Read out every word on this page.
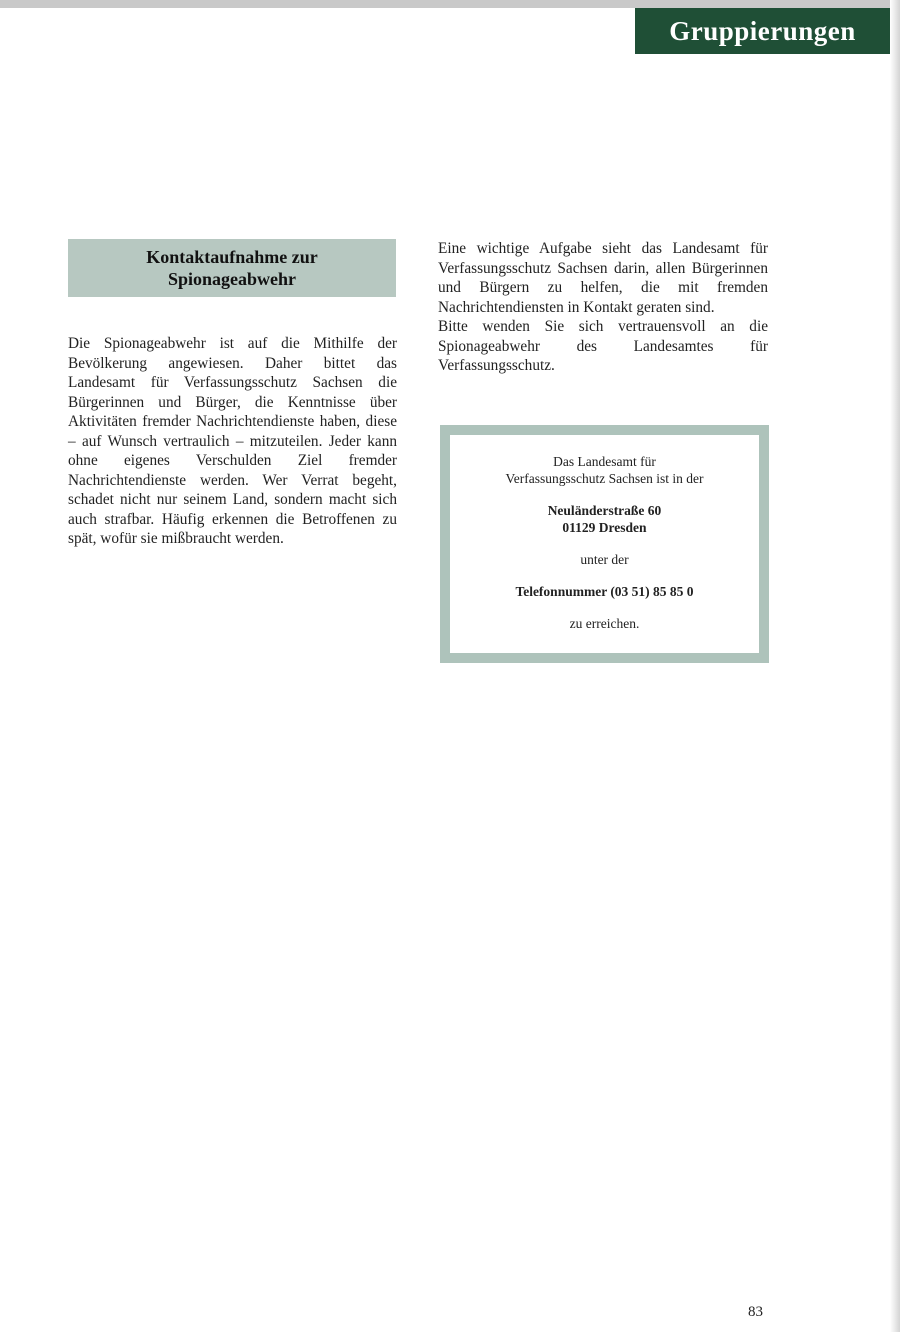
Gruppierungen
Kontaktaufnahme zur
Spionageabwehr

Die Spionageabwehr ist auf die Mithilfe der Bevölkerung angewiesen. Daher bittet das Landesamt für Verfassungsschutz Sachsen die Bürgerinnen und Bürger, die Kenntnisse über Aktivitäten fremder Nachrichtendienste haben, diese – auf Wunsch vertraulich – mitzuteilen. Jeder kann ohne eigenes Verschulden Ziel fremder Nachrichtendienste werden. Wer Verrat begeht, schadet nicht nur seinem Land, sondern macht sich auch strafbar. Häufig erkennen die Betroffenen zu spät, wofür sie mißbraucht werden.

Eine wichtige Aufgabe sieht das Landesamt für Verfassungsschutz Sachsen darin, allen Bürgerinnen und Bürgern zu helfen, die mit fremden Nachrichtendiensten in Kontakt geraten sind.

Bitte wenden Sie sich vertrauensvoll an die Spionageabwehr des Landesamtes für Verfassungsschutz.

Das Landesamt für
Verfassungsschutz Sachsen ist in der
Neuländerstraße 60
01129 Dresden
unter der
Telefonnummer (03 51) 85 85 0
zu erreichen.
83
